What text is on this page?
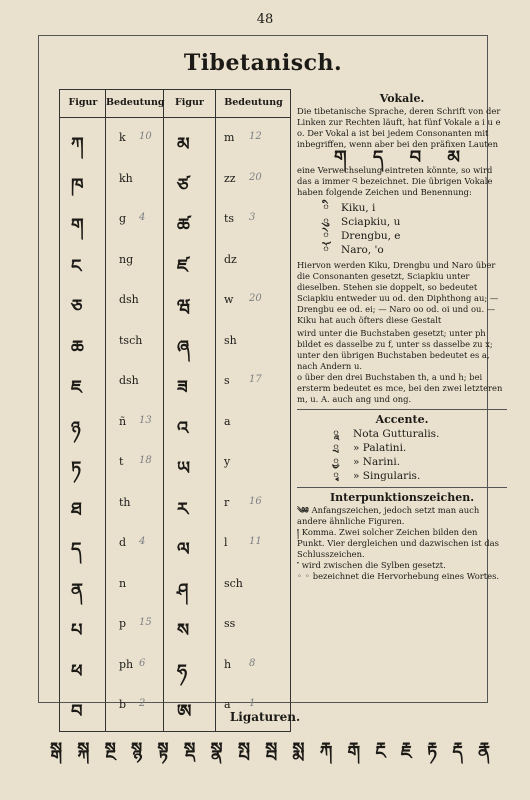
48
Tibetanisch.
Figur Bedeutung	Figur	Bedeutung
ཀ	k 10 མ	m 12
ཁ	kh ཙ	zz 20
ག	g 4 ཚ	ts 3
ང	ng ཛ	dz
ཅ	dsh ཝ	w 20
ཆ	tsch ཞ	sh
ཇ	dsh ཟ	s 17
ཉ	ñ 13 འ	a
ཏ	t 18 ཡ	y
ཐ	th	ར	r 16
ད	d 4 ལ	l 11
ན	n	ཤ	sch
པ	p 15 ས	ss
ཕ	ph 6 ཧ	h 8
བ	b 2 ཨ	a 1
Vokale.

Die tibetanische Sprache, deren Schrift von der Linken zur Rechten läuft, hat fünf Vokale a i u e o. Der Vokal a ist bei jedem Consonanten mit inbegriffen, wenn aber bei den präfixen Lauten

ག ད བ མ

eine Verwechselung eintreten könnte, so wird das a immer འ bezeichnet. Die übrigen Vokale haben folgende Zeichen und Benennung:

ི	Kiku, i
ུ	Sciapkiu, u
ེ	Drengbu, e
ོ	Naro, 'o

Hiervon werden Kiku, Drengbu und Naro über die Consonanten gesetzt, Sciapkiu unter dieselben. Stehen sie doppelt, so bedeutet Sciapkiu entweder uu od. den Diphthong au; — Drengbu ee od. ei; — Naro oo od. oi und ou. — Kiku hat auch öfters diese Gestalt

wird unter die Buchstaben gesetzt; unter ph bildet es dasselbe zu f, unter ss dasselbe zu x; unter den übrigen Buchstaben bedeutet es a, nach Andern u.

o über den drei Buchstaben th, a und h; bei ersterm bedeutet es mce, bei den zwei letzteren m, u. A. auch ang und ong.

Accente.
ཱ	Nota Gutturalis.
ྲ	» Palatini.
ྱ	» Narini.
ྭ	» Singularis.
Interpunktionszeichen.

༄༅ Anfangszeichen, jedoch setzt man auch andere ähnliche Figuren.

། Komma. Zwei solcher Zeichen bilden den Punkt. Vier dergleichen und dazwischen ist das Schlusszeichen.

་ wird zwischen die Sylben gesetzt.

◦ ◦ bezeichnet die Hervorhebung eines Wortes.

Ligaturen.
སྒ སྐ སྔ སྙ སྟ སྡ སྣ སྤ སྦ སྨ རྐ རྒ རྔ རྗ རྟ རྡ རྣ
